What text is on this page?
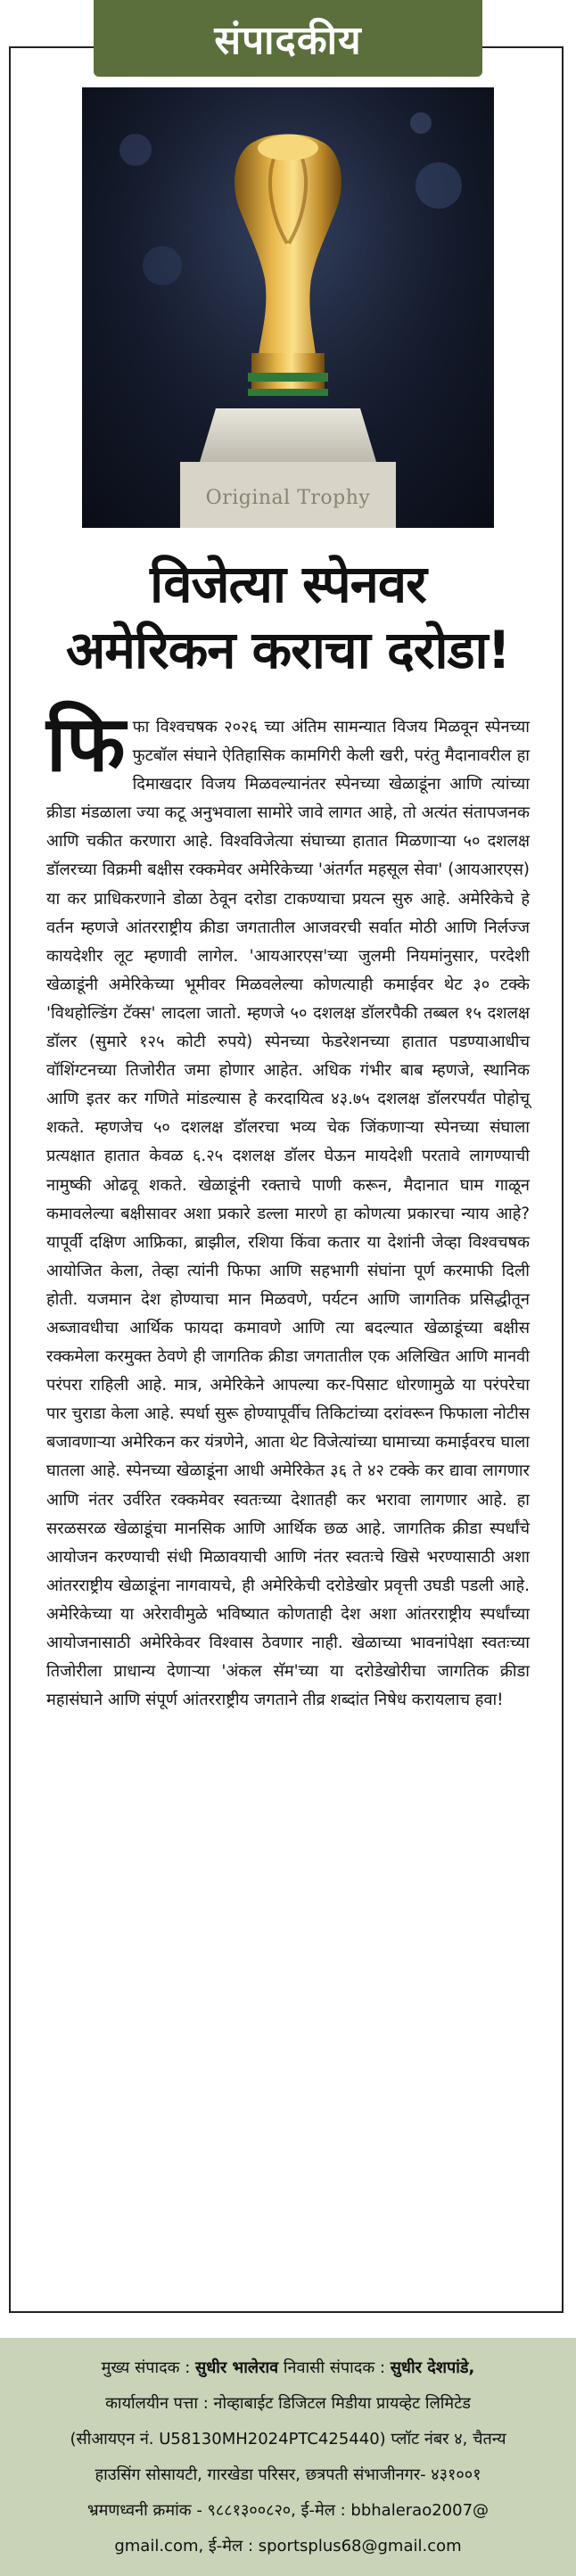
संपादकीय
Original Trophy
विजेत्या स्पेनवर
अमेरिकन कराचा दरोडा!
फि फा विश्वचषक २०२६ च्या अंतिम सामन्यात विजय मिळवून स्पेनच्या फुटबॉल संघाने ऐतिहासिक कामगिरी केली खरी, परंतु मैदानावरील हा दिमाखदार विजय मिळवल्यानंतर स्पेनच्या खेळाडूंना आणि त्यांच्या क्रीडा मंडळाला ज्या कटू अनुभवाला सामोरे जावे लागत आहे, तो अत्यंत संतापजनक आणि चकीत करणारा आहे. विश्वविजेत्या संघाच्या हातात मिळणाऱ्या ५० दशलक्ष डॉलरच्या विक्रमी बक्षीस रक्कमेवर अमेरिकेच्या 'अंतर्गत महसूल सेवा' (आयआरएस) या कर प्राधिकरणाने डोळा ठेवून दरोडा टाकण्याचा प्रयत्न सुरु आहे. अमेरिकेचे हे वर्तन म्हणजे आंतरराष्ट्रीय क्रीडा जगतातील आजवरची सर्वात मोठी आणि निर्लज्ज कायदेशीर लूट म्हणावी लागेल. 'आयआरएस'च्या जुलमी नियमांनुसार, परदेशी खेळाडूंनी अमेरिकेच्या भूमीवर मिळवलेल्या कोणत्याही कमाईवर थेट ३० टक्के 'विथहोल्डिंग टॅक्स' लादला जातो. म्हणजे ५० दशलक्ष डॉलरपैकी तब्बल १५ दशलक्ष डॉलर (सुमारे १२५ कोटी रुपये) स्पेनच्या फेडरेशनच्या हातात पडण्याआधीच वॉशिंग्टनच्या तिजोरीत जमा होणार आहेत. अधिक गंभीर बाब म्हणजे, स्थानिक आणि इतर कर गणिते मांडल्यास हे करदायित्व ४३.७५ दशलक्ष डॉलरपर्यंत पोहोचू शकते. म्हणजेच ५० दशलक्ष डॉलरचा भव्य चेक जिंकणाऱ्या स्पेनच्या संघाला प्रत्यक्षात हातात केवळ ६.२५ दशलक्ष डॉलर घेऊन मायदेशी परतावे लागण्याची नामुष्की ओढवू शकते. खेळाडूंनी रक्ताचे पाणी करून, मैदानात घाम गाळून कमावलेल्या बक्षीसावर अशा प्रकारे डल्ला मारणे हा कोणत्या प्रकारचा न्याय आहे? यापूर्वी दक्षिण आफ्रिका, ब्राझील, रशिया किंवा कतार या देशांनी जेव्हा विश्वचषक आयोजित केला, तेव्हा त्यांनी फिफा आणि सहभागी संघांना पूर्ण करमाफी दिली होती. यजमान देश होण्याचा मान मिळवणे, पर्यटन आणि जागतिक प्रसिद्धीतून अब्जावधीचा आर्थिक फायदा कमावणे आणि त्या बदल्यात खेळाडूंच्या बक्षीस रक्कमेला करमुक्त ठेवणे ही जागतिक क्रीडा जगतातील एक अलिखित आणि मानवी परंपरा राहिली आहे. मात्र, अमेरिकेने आपल्या कर-पिसाट धोरणामुळे या परंपरेचा पार चुराडा केला आहे. स्पर्धा सुरू होण्यापूर्वीच तिकिटांच्या दरांवरून फिफाला नोटीस बजावणाऱ्या अमेरिकन कर यंत्रणेने, आता थेट विजेत्यांच्या घामाच्या कमाईवरच घाला घातला आहे. स्पेनच्या खेळाडूंना आधी अमेरिकेत ३६ ते ४२ टक्के कर द्यावा लागणार आणि नंतर उर्वरित रक्कमेवर स्वतःच्या देशातही कर भरावा लागणार आहे. हा सरळसरळ खेळाडूंचा मानसिक आणि आर्थिक छळ आहे. जागतिक क्रीडा स्पर्धांचे आयोजन करण्याची संधी मिळावयाची आणि नंतर स्वतःचे खिसे भरण्यासाठी अशा आंतरराष्ट्रीय खेळाडूंना नागवायचे, ही अमेरिकेची दरोडेखोर प्रवृत्ती उघडी पडली आहे. अमेरिकेच्या या अरेरावीमुळे भविष्यात कोणताही देश अशा आंतरराष्ट्रीय स्पर्धांच्या आयोजनासाठी अमेरिकेवर विश्वास ठेवणार नाही. खेळाच्या भावनांपेक्षा स्वतःच्या तिजोरीला प्राधान्य देणाऱ्या 'अंकल सॅम'च्या या दरोडेखोरीचा जागतिक क्रीडा महासंघाने आणि संपूर्ण आंतरराष्ट्रीय जगताने तीव्र शब्दांत निषेध करायलाच हवा!
मुख्य संपादक : सुधीर भालेराव निवासी संपादक : सुधीर देशपांडे,
कार्यालयीन पत्ता : नोव्हाबाईट डिजिटल मिडीया प्रायव्हेट लिमिटेड
(सीआयएन नं. U58130MH2024PTC425440) प्लॉट नंबर ४, चैतन्य
हाउसिंग सोसायटी, गारखेडा परिसर, छत्रपती संभाजीनगर- ४३१००१
भ्रमणध्वनी क्रमांक - ९८८१३००८२०, ई-मेल : bbhalerao2007@
gmail.com, ई-मेल : sportsplus68@gmail.com
